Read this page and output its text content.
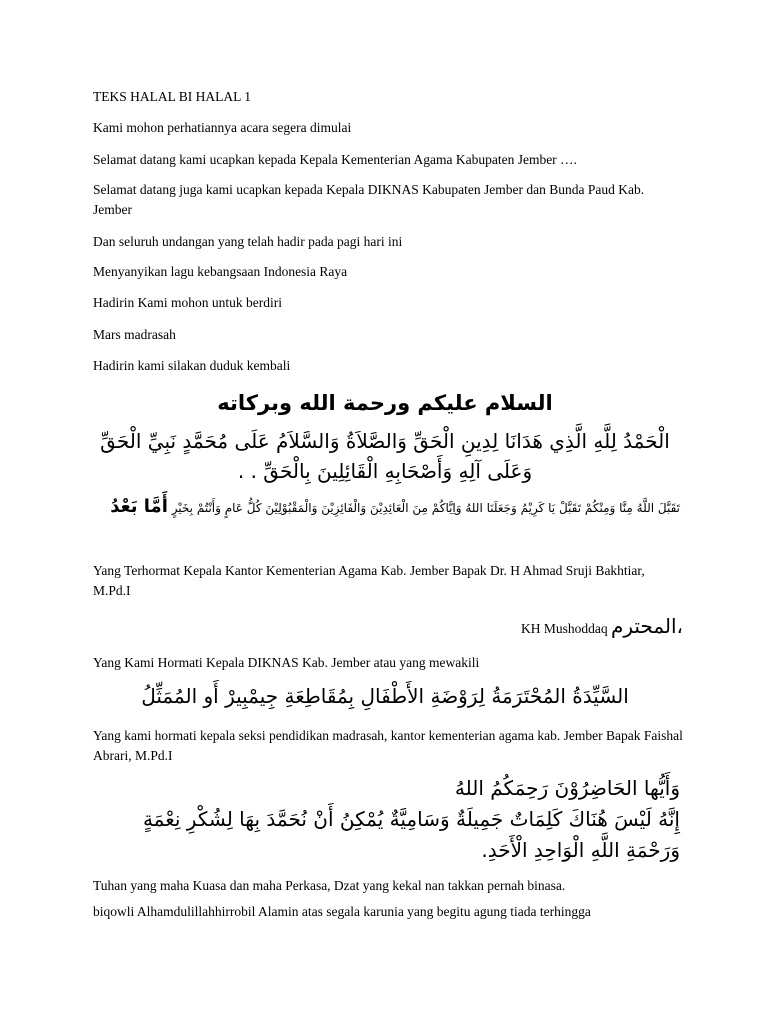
TEKS HALAL BI HALAL 1

Kami mohon perhatiannya acara segera dimulai

Selamat datang kami ucapkan kepada Kepala Kementerian Agama Kabupaten Jember ….

Selamat datang juga kami ucapkan kepada Kepala DIKNAS Kabupaten Jember dan Bunda Paud Kab. Jember

Dan seluruh undangan yang telah hadir pada pagi hari ini

Menyanyikan lagu kebangsaan Indonesia Raya

Hadirin Kami mohon untuk berdiri

Mars madrasah

Hadirin kami silakan duduk kembali

السلام عليكم ورحمة الله وبركاته

الْحَمْدُ لِلَّهِ الَّذِي هَدَانَا لِدِينِ الْحَقِّ وَالصَّلاَةُ وَالسَّلاَمُ عَلَى مُحَمَّدٍ نَبِيِّ الْحَقِّ وَعَلَى آلِهِ وَأَصْحَابِهِ الْقَائِلِينَ بِالْحَقِّ . .

تَقَبَّلَ اللَّهُ مِنَّا وَمِنْكُمْ تَقَبَّلْ يَا كَرِيْمُ وَجَعَلَنَا اللهُ وَاِيَّاكُمْ مِنَ الْعَائِدِيْنَ وَالْفَائِزِيْنَ وَالْمَقْبُوْلِيْنَ كُلُّ عَامٍ وَأَنْتُمْ بِخَيْرٍ أَمَّا بَعْدُ

Yang Terhormat Kepala Kantor Kementerian Agama Kab. Jember Bapak Dr. H Ahmad Sruji Bakhtiar, M.Pd.I

KH Mushoddaq المحترم،

Yang Kami Hormati Kepala DIKNAS Kab. Jember atau yang mewakili

السَّيِّدَةُ المُحْتَرَمَةُ لِرَوْضَةِ الأَطْفَالِ بِمُقَاطِعَةِ جِيمْبِيرْ أَو المُمَثِّلُ

Yang kami hormati kepala seksi pendidikan madrasah, kantor kementerian agama kab. Jember Bapak Faishal Abrari, M.Pd.I

وَأَيُّها الحَاضِرُوْنَ رَحِمَكُمُ اللهُ

إِنَّهُ لَيْسَ هُنَاكَ كَلِمَاتٌ جَمِيلَةٌ وَسَامِيَّةٌ يُمْكِنُ أَنْ نُحَمَّدَ بِهَا لِشُكْرِ نِعْمَةٍ وَرَحْمَةِ اللَّهِ الْوَاحِدِ الْأَحَدِ.

Tuhan yang maha Kuasa dan maha Perkasa, Dzat yang kekal nan takkan pernah binasa.

biqowli Alhamdulillahhirrobil Alamin atas segala karunia yang begitu agung tiada terhingga
